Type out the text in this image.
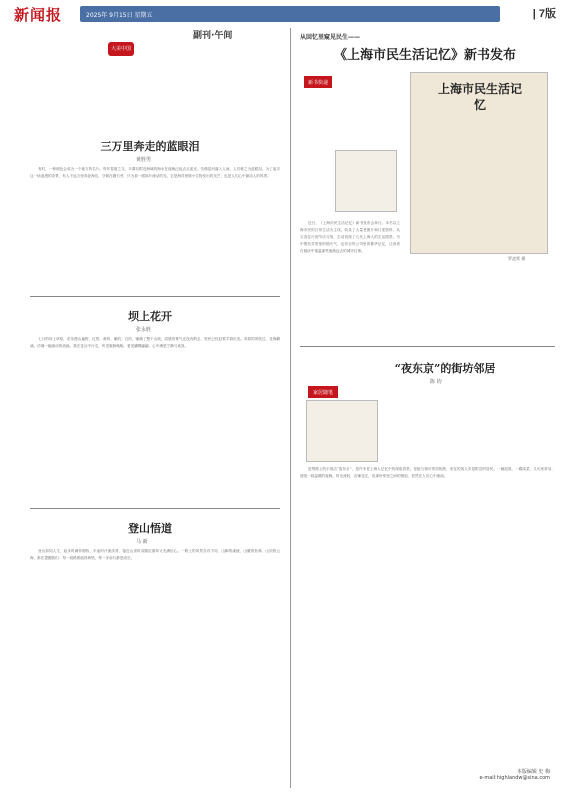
新闻报	2025年 9月15日 星期五	| 7版
副刊·午间
大美中国
三万里奔走的蓝眼泪
黄胜男

有时，一种颜色会成为一个地方的名片。每年春夏之交，平潭岛附近海域的海水在夜晚泛起点点蓝光，仿佛星河落入人间，人们称之为蓝眼泪。为了追寻这一场浪漫的奇景，有人不远万里奔赴海岛，守候在礁石旁，只为看一眼那片流动的光。它是海洋里微小生物发出的光芒，也是人们心中最动人的风景。

坝上花开
张永胜

七月的坝上草原，花朵漫山遍野，红的、黄的、紫的、白的，铺满了整个山坡。清晨的雾气还没有散去，牧民已经赶着羊群出发。草原的风吹过，花海翻涌，仿佛一幅流动的油画。我在花丛中行走，听见蜜蜂嗡嗡，看见蝴蝶翩翩，心中满是宁静与欢喜。

登山悟道
马 新

登山如同人生，起步时满怀期待，半途时汗流浃背，接近山顶时双腿沉重却又充满信心。一路上的风景各有不同，山脚的溪流、山腰的松林、山顶的云海，都在提醒我们：每一段路都值得珍惜，每一步前行都是成长。

从回忆里窥见民生——
《上海市民生活记忆》新书发布
新书快递	上海市民生活记忆
罗凌霄 摄

近日，《上海市民生活记忆》新书发布会举行。本书以上海市民的日常生活为主线，收录了大量老照片和口述资料，从衣食住行到节庆习俗，生动再现了几代上海人的生活图景。书中既有弄堂里的烟火气，也有百货公司里的繁华记忆，让读者在阅读中重温那些逐渐远去的城市往事。

“夜东京”的街坊邻居
陈 钧
家居随笔

进贤路上的小饭店“夜东京”，是许多老上海人记忆中的深夜食堂。老板与街坊邻居相熟，来往的客人多是附近的居民。一碗泡饭、一碟咸菜、几句家常话，便是一段温暖的夜晚。时光流转，店铺变迁，但那份邻里之间的情谊，依然在人们心中流淌。

本版编辑 史 梅
e-mail:highlandw@sina.com
